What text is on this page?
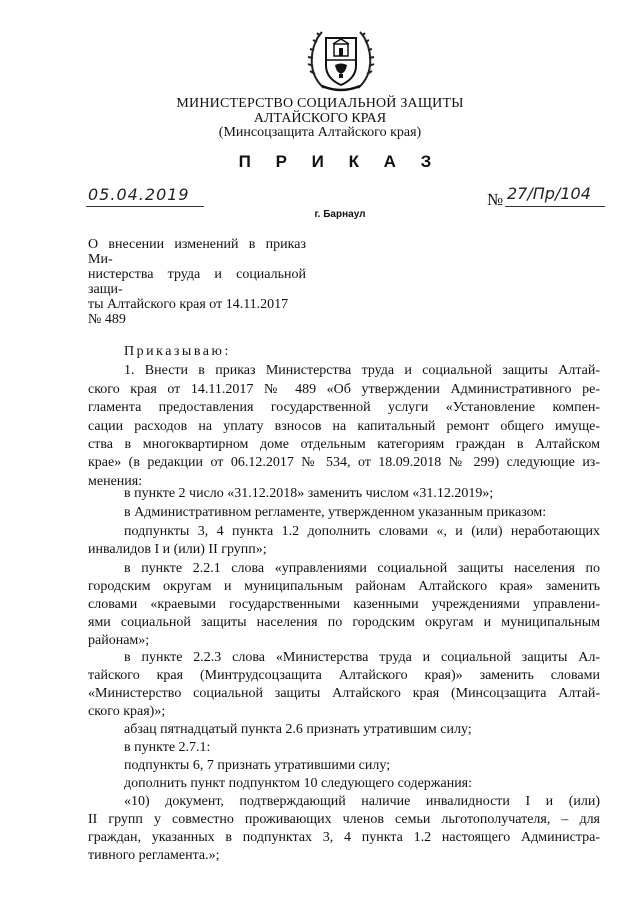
МИНИСТЕРСТВО СОЦИАЛЬНОЙ ЗАЩИТЫ
АЛТАЙСКОГО КРАЯ
(Минсоцзащита Алтайского края)
П Р И К А З
05.04.2019	№ 27/Пр/104
г. Барнаул
О внесении изменений в приказ Ми-
нистерства труда и социальной защи-
ты Алтайского края от 14.11.2017
№ 489
Приказываю:
1. Внести в приказ Министерства труда и социальной защиты Алтай-
ского края от 14.11.2017 № 489 «Об утверждении Административного ре-
гламента предоставления государственной услуги «Установление компен-
сации расходов на уплату взносов на капитальный ремонт общего имуще-
ства в многоквартирном доме отдельным категориям граждан в Алтайском
крае» (в редакции от 06.12.2017 № 534, от 18.09.2018 № 299) следующие из-
менения:
в пункте 2 число «31.12.2018» заменить числом «31.12.2019»;
в Административном регламенте, утвержденном указанным приказом:
подпункты 3, 4 пункта 1.2 дополнить словами «, и (или) неработающих
инвалидов I и (или) II групп»;
в пункте 2.2.1 слова «управлениями социальной защиты населения по
городским округам и муниципальным районам Алтайского края» заменить
словами «краевыми государственными казенными учреждениями управлени-
ями социальной защиты населения по городским округам и муниципальным
районам»;
в пункте 2.2.3 слова «Министерства труда и социальной защиты Ал-
тайского края (Минтрудсоцзащита Алтайского края)» заменить словами
«Министерство социальной защиты Алтайского края (Минсоцзащита Алтай-
ского края)»;
абзац пятнадцатый пункта 2.6 признать утратившим силу;
в пункте 2.7.1:
подпункты 6, 7 признать утратившими силу;
дополнить пункт подпунктом 10 следующего содержания:
«10) документ, подтверждающий наличие инвалидности I и (или)
II групп у совместно проживающих членов семьи льготополучателя, – для
граждан, указанных в подпунктах 3, 4 пункта 1.2 настоящего Администра-
тивного регламента.»;
